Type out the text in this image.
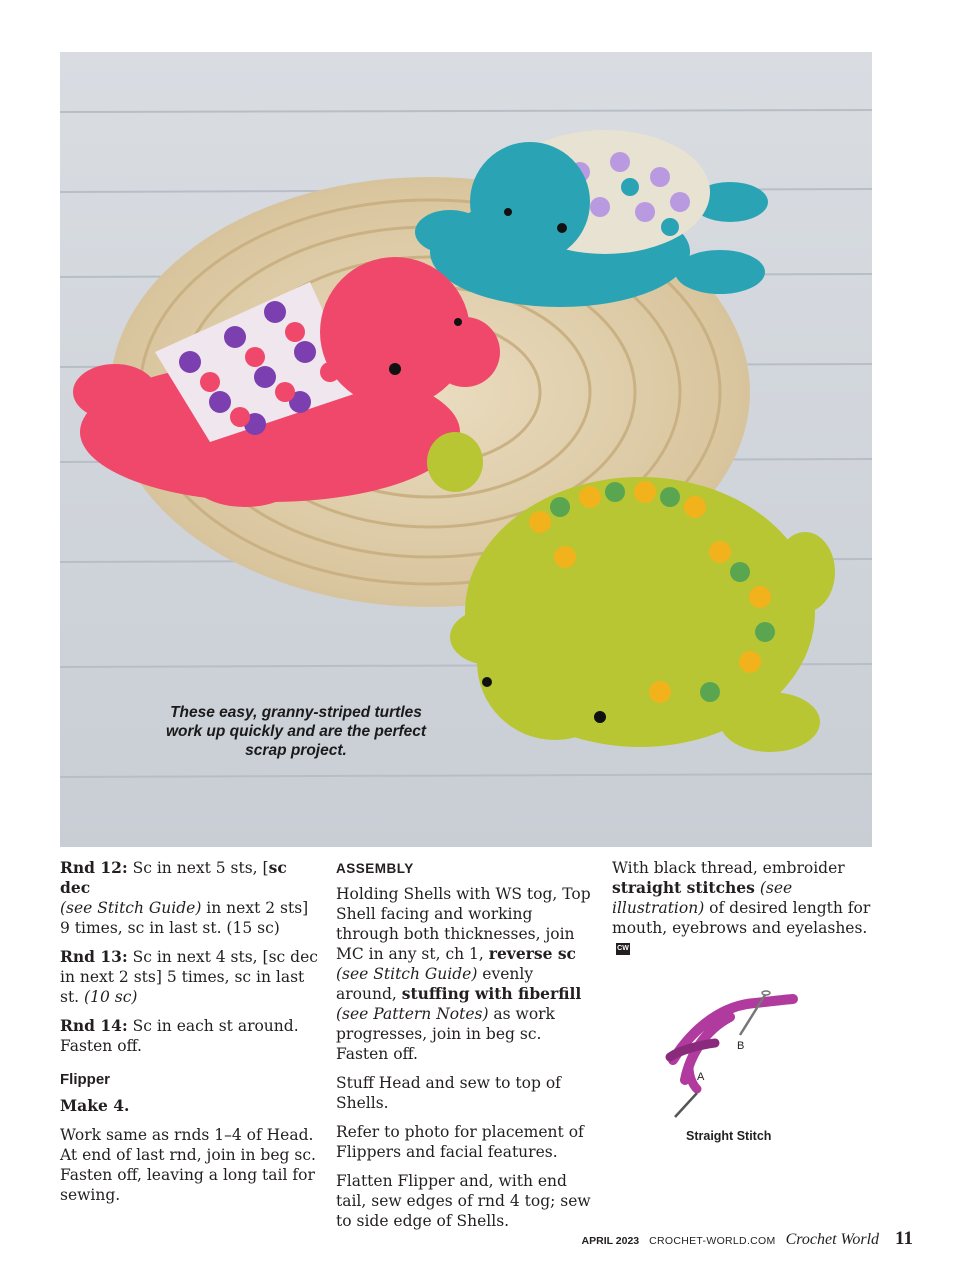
These easy, granny-striped turtles work up quickly and are the perfect scrap project.

Rnd 12: Sc in next 5 sts, [sc dec
(see Stitch Guide) in next 2 sts] 9 times, sc in last st. (15 sc)

Rnd 13: Sc in next 4 sts, [sc dec in next 2 sts] 5 times, sc in last st. (10 sc)

Rnd 14: Sc in each st around. Fasten off.

Flipper

Make 4.

Work same as rnds 1–4 of Head. At end of last rnd, join in beg sc. Fasten off, leaving a long tail for sewing.

ASSEMBLY

Holding Shells with WS tog, Top Shell facing and working through both thicknesses, join MC in any st, ch 1, reverse sc (see Stitch Guide) evenly around, stuffing with fiberfill (see Pattern Notes) as work progresses, join in beg sc. Fasten off.

Stuff Head and sew to top of Shells.

Refer to photo for placement of Flippers and facial features.

Flatten Flipper and, with end tail, sew edges of rnd 4 tog; sew to side edge of Shells.

With black thread, embroider straight stitches (see illustration) of desired length for mouth, eyebrows and eyelashes.CW

B
A
Straight Stitch
APRIL 2023 CROCHET-WORLD.COM Crochet World 11
